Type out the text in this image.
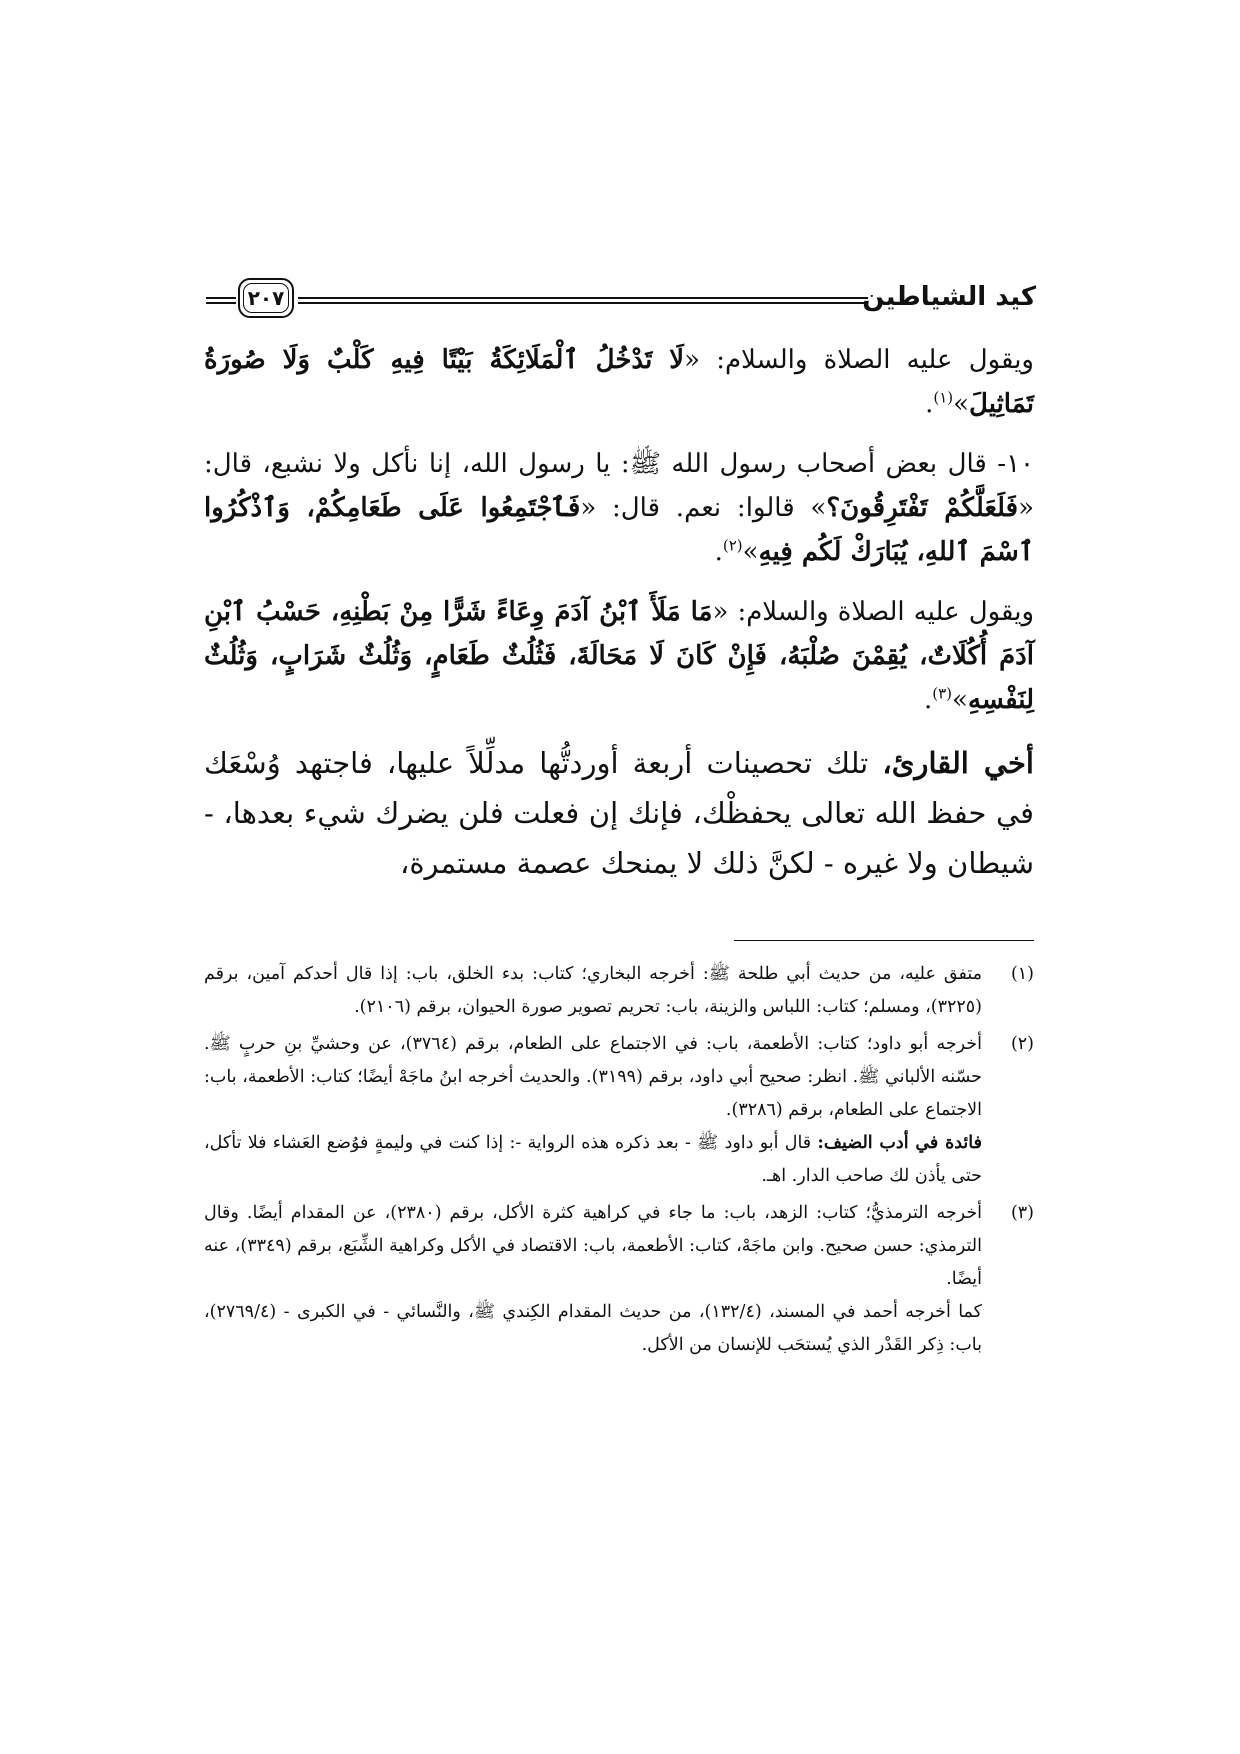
كيد الشياطين
٢٠٧

ويقول عليه الصلاة والسلام: «لَا تَدْخُلُ ٱلْمَلَائِكَةُ بَيْتًا فِيهِ كَلْبٌ وَلَا صُورَةُ تَمَاثِيلَ»$^{(١)}$.

١٠- قال بعض أصحاب رسول الله ﷺ: يا رسول الله، إنا نأكل ولا نشبع، قال: «فَلَعَلَّكُمْ تَفْتَرِقُونَ؟» قالوا: نعم. قال: «فَٱجْتَمِعُوا عَلَى طَعَامِكُمْ، وَٱذْكُرُوا ٱسْمَ ٱللهِ، يُبَارَكْ لَكُم فِيهِ»$^{(٢)}$.

ويقول عليه الصلاة والسلام: «مَا مَلَأَ ٱبْنُ آدَمَ وِعَاءً شَرًّا مِنْ بَطْنِهِ، حَسْبُ ٱبْنِ آدَمَ أُكُلَاتٌ، يُقِمْنَ صُلْبَهُ، فَإِنْ كَانَ لَا مَحَالَةَ، فَثُلُثٌ طَعَامٍ، وَثُلُثٌ شَرَابٍ، وَثُلُثٌ لِنَفْسِهِ»$^{(٣)}$.

أخي القارئ، تلك تحصينات أربعة أوردتُّها مدلِّلاً عليها، فاجتهد وُسْعَك في حفظ الله تعالى يحفظْك، فإنك إن فعلت فلن يضرك شيء بعدها، - شيطان ولا غيره - لكنَّ ذلك لا يمنحك عصمة مستمرة،

(١)
متفق عليه، من حديث أبي طلحة ﷺ: أخرجه البخاري؛ كتاب: بدء الخلق، باب: إذا قال أحدكم آمين، برقم (٣٢٢٥)، ومسلم؛ كتاب: اللباس والزينة، باب: تحريم تصوير صورة الحيوان، برقم (٢١٠٦).
(٢)
أخرجه أبو داود؛ كتاب: الأطعمة، باب: في الاجتماع على الطعام، برقم (٣٧٦٤)، عن وحشيِّ بنِ حربٍ ﷺ. حسّنه الألباني ﷺ. انظر: صحيح أبي داود، برقم (٣١٩٩). والحديث أخرجه ابنُ ماجَهْ أيضًا؛ كتاب: الأطعمة، باب: الاجتماع على الطعام، برقم (٣٢٨٦).
فائدة في أدب الضيف: قال أبو داود ﷺ - بعد ذكره هذه الرواية -: إذا كنت في وليمةٍ فوُضع العَشاء فلا تأكل، حتى يأذن لك صاحب الدار. اهـ.
(٣)
أخرجه الترمذيُّ؛ كتاب: الزهد، باب: ما جاء في كراهية كثرة الأكل، برقم (٢٣٨٠)، عن المقدام أيضًا. وقال الترمذي: حسن صحيح. وابن ماجَهْ، كتاب: الأطعمة، باب: الاقتصاد في الأكل وكراهية الشِّبَع، برقم (٣٣٤٩)، عنه أيضًا.
كما أخرجه أحمد في المسند، (١٣٢/٤)، من حديث المقدام الكِندي ﷺ، والنَّسائي - في الكبرى - (٢٧٦٩/٤)، باب: ذِكر القَدْر الذي يُستحَب للإنسان من الأكل.
